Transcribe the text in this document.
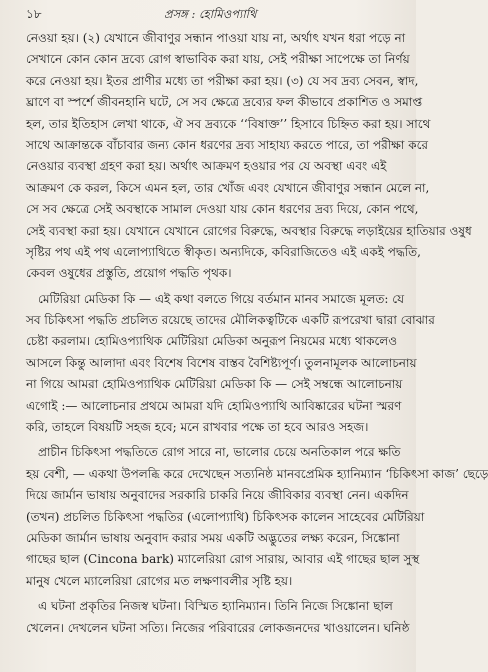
১৮	প্রসঙ্গ : হোমিওপ্যাথি
নেওয়া হয়। (২) যেখানে জীবাণুর সন্ধান পাওয়া যায় না, অর্থাৎ যখন ধরা পড়ে না
সেখানে কোন কোন দ্রব্যে রোগ স্বাভাবিক করা যায়, সেই পরীক্ষা সাপেক্ষে তা নির্ণয়
করে নেওয়া হয়। ইতর প্রাণীর মধ্যে তা পরীক্ষা করা হয়। (৩) যে সব দ্রব্য সেবন, স্বাদ,
ঘ্রাণে বা স্পর্শে জীবনহানি ঘটে, সে সব ক্ষেত্রে দ্রব্যের ফল কীভাবে প্রকাশিত ও সমাপ্ত
হল, তার ইতিহাস লেখা থাকে, ঐ সব দ্রব্যকে ‘‘বিষাক্ত’’ হিসাবে চিহ্নিত করা হয়। সাথে
সাথে আক্রান্তকে বাঁচাবার জন্য কোন ধরণের দ্রব্য সাহায্য করতে পারে, তা পরীক্ষা করে
নেওয়ার ব্যবস্থা গ্রহণ করা হয়। অর্থাৎ আক্রমণ হওয়ার পর যে অবস্থা এবং এই
আক্রমণ কে করল, কিসে এমন হল, তার খোঁজ এবং যেখানে জীবাণুর সন্ধান মেলে না,
সে সব ক্ষেত্রে সেই অবস্থাকে সামাল দেওয়া যায় কোন ধরণের দ্রব্য দিয়ে, কোন পথে,
সেই ব্যবস্থা করা হয়। যেখানে যেখানে রোগের বিরুদ্ধে, অবস্থার বিরুদ্ধে লড়াইয়ের হাতিয়ার ওষুধ
সৃষ্টির পথ এই পথ এলোপ্যাথিতে স্বীকৃত। অন্যদিকে, কবিরাজিতেও এই একই পদ্ধতি,
কেবল ওষুধের প্রস্তুতি, প্রয়োগ পদ্ধতি পৃথক।
মেটিরিয়া মেডিকা কি — এই কথা বলতে গিয়ে বর্তমান মানব সমাজে মূলত: যে
সব চিকিৎসা পদ্ধতি প্রচলিত রয়েছে তাদের মৌলিকত্বটিকে একটি রূপরেখা দ্বারা বোঝার
চেষ্টা করলাম। হোমিওপ্যাথিক মেটিরিয়া মেডিকা অনুরূপ নিয়মের মধ্যে থাকলেও
আসলে কিন্তু আলাদা এবং বিশেষ বিশেষ বাস্তব বৈশিষ্ট্যপূর্ণ। তুলনামূলক আলোচনায়
না গিয়ে আমরা হোমিওপ্যাথিক মেটিরিয়া মেডিকা কি — সেই সম্বন্ধে আলোচনায়
এগোই :— আলোচনার প্রথমে আমরা যদি হোমিওপ্যাথি আবিষ্কারের ঘটনা স্মরণ
করি, তাহলে বিষয়টি সহজ হবে; মনে রাখবার পক্ষে তা হবে আরও সহজ।
প্রাচীন চিকিৎসা পদ্ধতিতে রোগ সারে না, ভালোর চেয়ে অনতিকাল পরে ক্ষতি
হয় বেশী, — একথা উপলব্ধি করে দেখেছেন সত্যনিষ্ঠ মানবপ্রেমিক হ্যানিম্যান ‘চিকিৎসা কাজ’ ছেড়ে
দিয়ে জার্মান ভাষায় অনুবাদের সরকারি চাকরি নিয়ে জীবিকার ব্যবস্থা নেন। একদিন
(তখন) প্রচলিত চিকিৎসা পদ্ধতির (এলোপ্যাথি) চিকিৎসক কালেন সাহেবের মেটিরিয়া
মেডিকা জার্মান ভাষায় অনুবাদ করার সময় একটি অদ্ভুতের লক্ষ্য করেন, সিঙ্কোনা
গাছের ছাল (Cincona bark) ম্যালেরিয়া রোগ সারায়, আবার এই গাছের ছাল সুস্থ
মানুষ খেলে ম্যালেরিয়া রোগের মত লক্ষণাবলীর সৃষ্টি হয়।
এ ঘটনা প্রকৃতির নিজস্ব ঘটনা। বিস্মিত হ্যানিম্যান। তিনি নিজে সিঙ্কোনা ছাল
খেলেন। দেখলেন ঘটনা সত্যি। নিজের পরিবারের লোকজনদের খাওয়ালেন। ঘনিষ্ঠ
